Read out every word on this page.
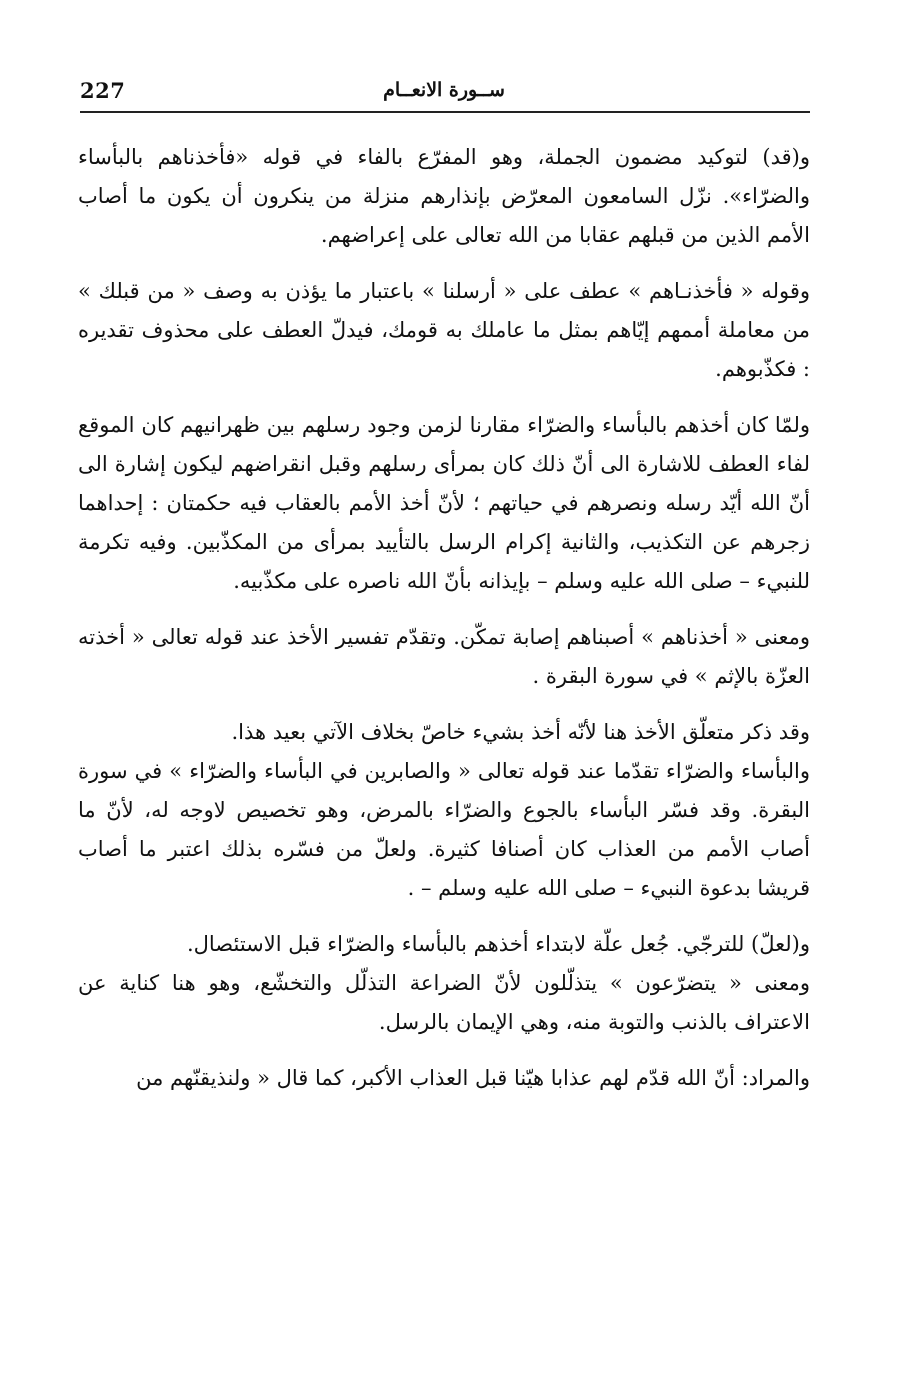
227	ســورة الانعــام

و(قد) لتوكيد مضمون الجملة، وهو المفرّع بالفاء في قوله «فأخذناهم بالبأساء والضرّاء». نزّل السامعون المعرّض بإنذارهم منزلة من ينكرون أن يكون ما أصاب الأمم الذين من قبلهم عقابا من الله تعالى على إعراضهم.

وقوله « فأخذنـاهم » عطف على « أرسلنا » باعتبار ما يؤذن به وصف « من قبلك » من معاملة أممهم إيّاهم بمثل ما عاملك به قومك، فيدلّ العطف على محذوف تقديره : فكذّبوهم.

ولمّا كان أخذهم بالبأساء والضرّاء مقارنا لزمن وجود رسلهم بين ظهرانيهم كان الموقع لفاء العطف للاشارة الى أنّ ذلك كان بمرأى رسلهم وقبل انقراضهم ليكون إشارة الى أنّ الله أيّد رسله ونصرهم في حياتهم ؛ لأنّ أخذ الأمم بالعقاب فيه حكمتان : إحداهما زجرهم عن التكذيب، والثانية إكرام الرسل بالتأييد بمرأى من المكذّبين. وفيه تكرمة للنبيء – صلى الله عليه وسلم – بإيذانه بأنّ الله ناصره على مكذّبيه.

ومعنى « أخذناهم » أصبناهم إصابة تمكّن. وتقدّم تفسير الأخذ عند قوله تعالى « أخذته العزّة بالإثم » في سورة البقرة .

وقد ذكر متعلّق الأخذ هنا لأنّه أخذ بشيء خاصّ بخلاف الآتي بعيد هذا.

والبأساء والضرّاء تقدّما عند قوله تعالى « والصابرين في البأساء والضرّاء » في سورة البقرة. وقد فسّر البأساء بالجوع والضرّاء بالمرض، وهو تخصيص لاوجه له، لأنّ ما أصاب الأمم من العذاب كان أصنافا كثيرة. ولعلّ من فسّره بذلك اعتبر ما أصاب قريشا بدعوة النبيء – صلى الله عليه وسلم – .

و(لعلّ) للترجّي. جُعل علّة لابتداء أخذهم بالبأساء والضرّاء قبل الاستئصال.

ومعنى « يتضرّعون » يتذلّلون لأنّ الضراعة التذلّل والتخشّع، وهو هنا كناية عن الاعتراف بالذنب والتوبة منه، وهي الإيمان بالرسل.

والمراد: أنّ الله قدّم لهم عذابا هيّنا قبل العذاب الأكبر، كما قال « ولنذيقنّهم من
